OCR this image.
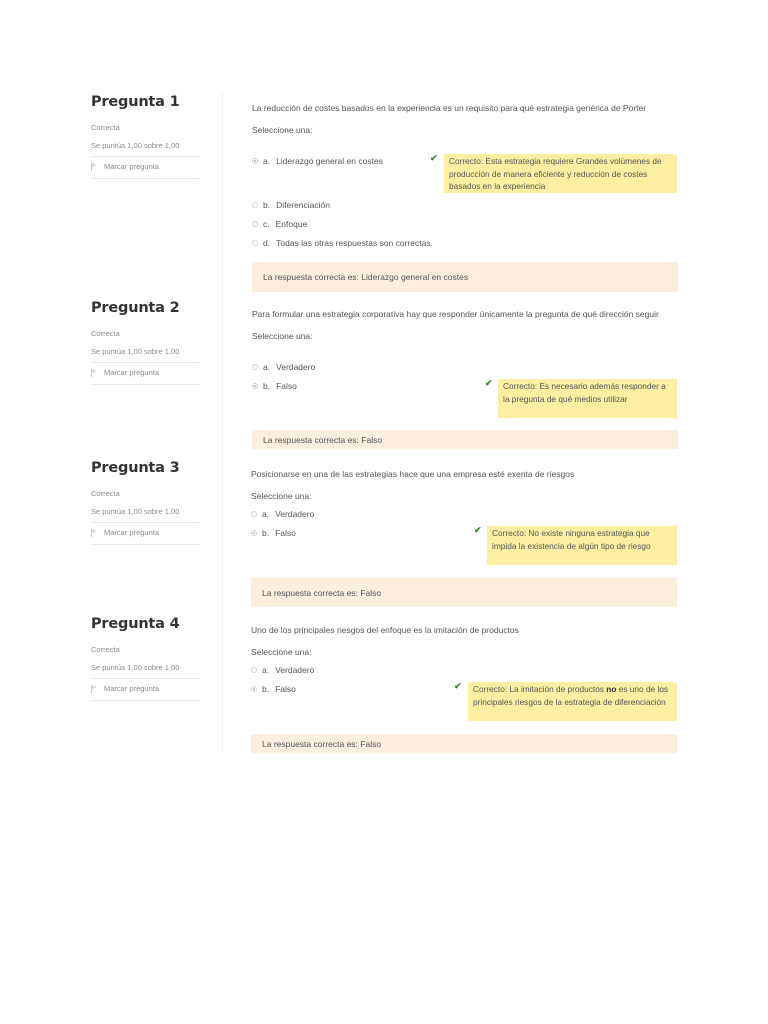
Pregunta 1
Correcta
Se puntúa 1,00 sobre 1,00
Marcar pregunta

La reducción de costes basados en la experiencia es un requisito para qué estrategia genérica de Porter

Seleccione una:
a. Liderazgo general en costes
b. Diferenciación
c. Enfoque
d. Todas las otras respuestas son correctas.
✔	Correcto: Esta estrategia requiere Grandes volúmenes de producción de manera eficiente y reducción de costes basados en la experiencia
La respuesta correcta es: Liderazgo general en costes
Pregunta 2
Correcta
Se puntúa 1,00 sobre 1,00
Marcar pregunta

Para formular una estrategia corporativa hay que responder únicamente la pregunta de qué dirección seguir

Seleccione una:
a. Verdadero
b. Falso	✔	Correcto: Es necesario además responder a la pregunta de qué medios utilizar
La respuesta correcta es: Falso
Pregunta 3
Correcta
Se puntúa 1,00 sobre 1,00
Marcar pregunta

Posicionarse en una de las estrategias hace que una empresa esté exenta de riesgos

Seleccione una:
a. Verdadero
b. Falso	✔	Correcto: No existe ninguna estrategia que impida la existencia de algún tipo de riesgo
La respuesta correcta es: Falso
Pregunta 4
Correcta
Se puntúa 1,00 sobre 1,00
Marcar pregunta

Uno de los principales riesgos del enfoque es la imitación de productos

Seleccione una:
a. Verdadero
b. Falso	✔	Correcto: La imitación de productos no es uno de los principales riesgos de la estrategia de diferenciación
La respuesta correcta es: Falso
